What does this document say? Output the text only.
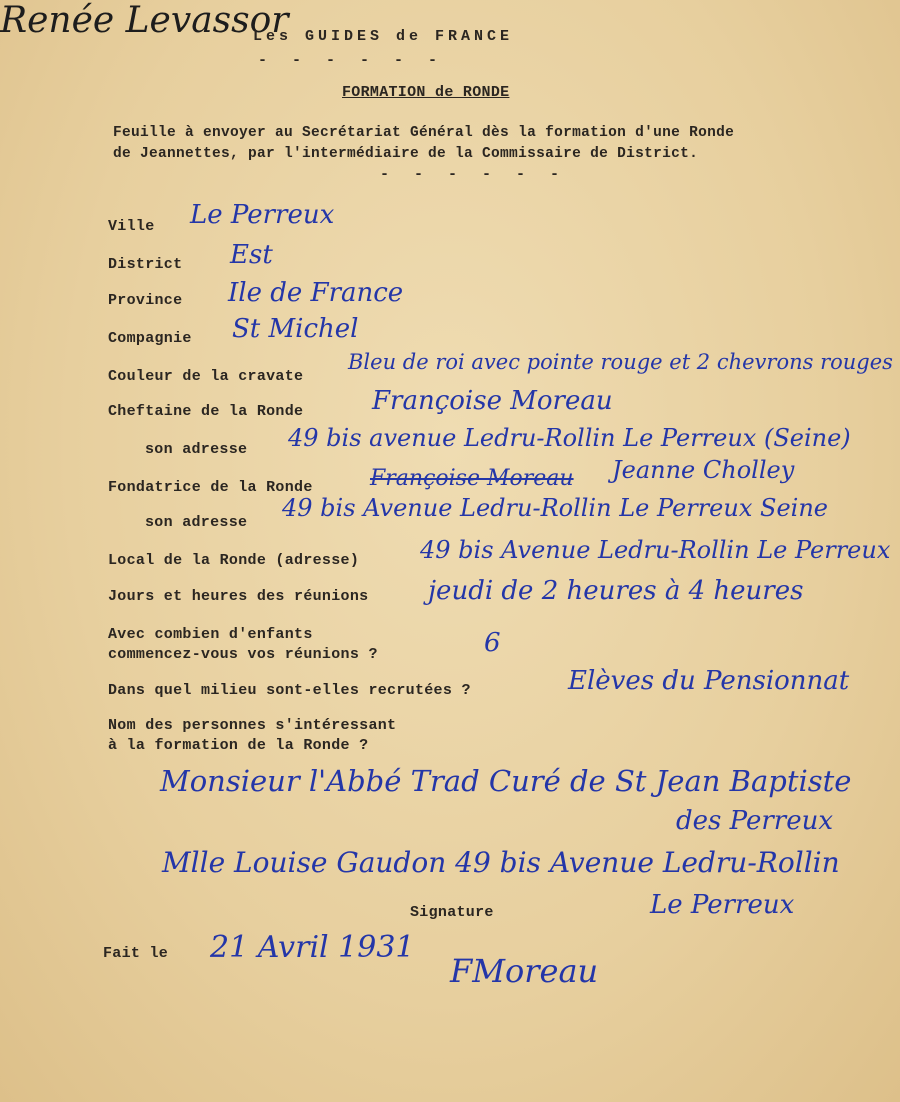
Les GUIDES de FRANCE
- - - - - -
FORMATION de RONDE
Feuille à envoyer au Secrétariat Général dès la formation d'une Ronde
de Jeannettes, par l'intermédiaire de la Commissaire de District.
- - - - - -
Ville Le Perreux
District Est
Province Ile de France
Compagnie St Michel
Couleur de la cravate
Bleu de roi avec pointe rouge et 2 chevrons rouges
Cheftaine de la Ronde	Françoise Moreau
son adresse 49 bis avenue Ledru-Rollin Le Perreux (Seine)
Fondatrice de la Ronde	Françoise Moreau Jeanne Cholley
son adresse
49 bis Avenue Ledru-Rollin Le Perreux Seine
Local de la Ronde (adresse)	49 bis Avenue Ledru-Rollin Le Perreux
Jours et heures des réunions jeudi de 2 heures à 4 heures
Avec combien d'enfants
commencez-vous vos réunions ?	6
Dans quel milieu sont-elles recrutées ?	Elèves du Pensionnat
Nom des personnes s'intéressant
à la formation de la Ronde ?
Monsieur l'Abbé Trad Curé de St Jean Baptiste
des Perreux
Mlle Louise Gaudon 49 bis Avenue Ledru-Rollin
Le Perreux
Signature
Fait le 21 Avril 1931
FMoreau
Renée Levassor
